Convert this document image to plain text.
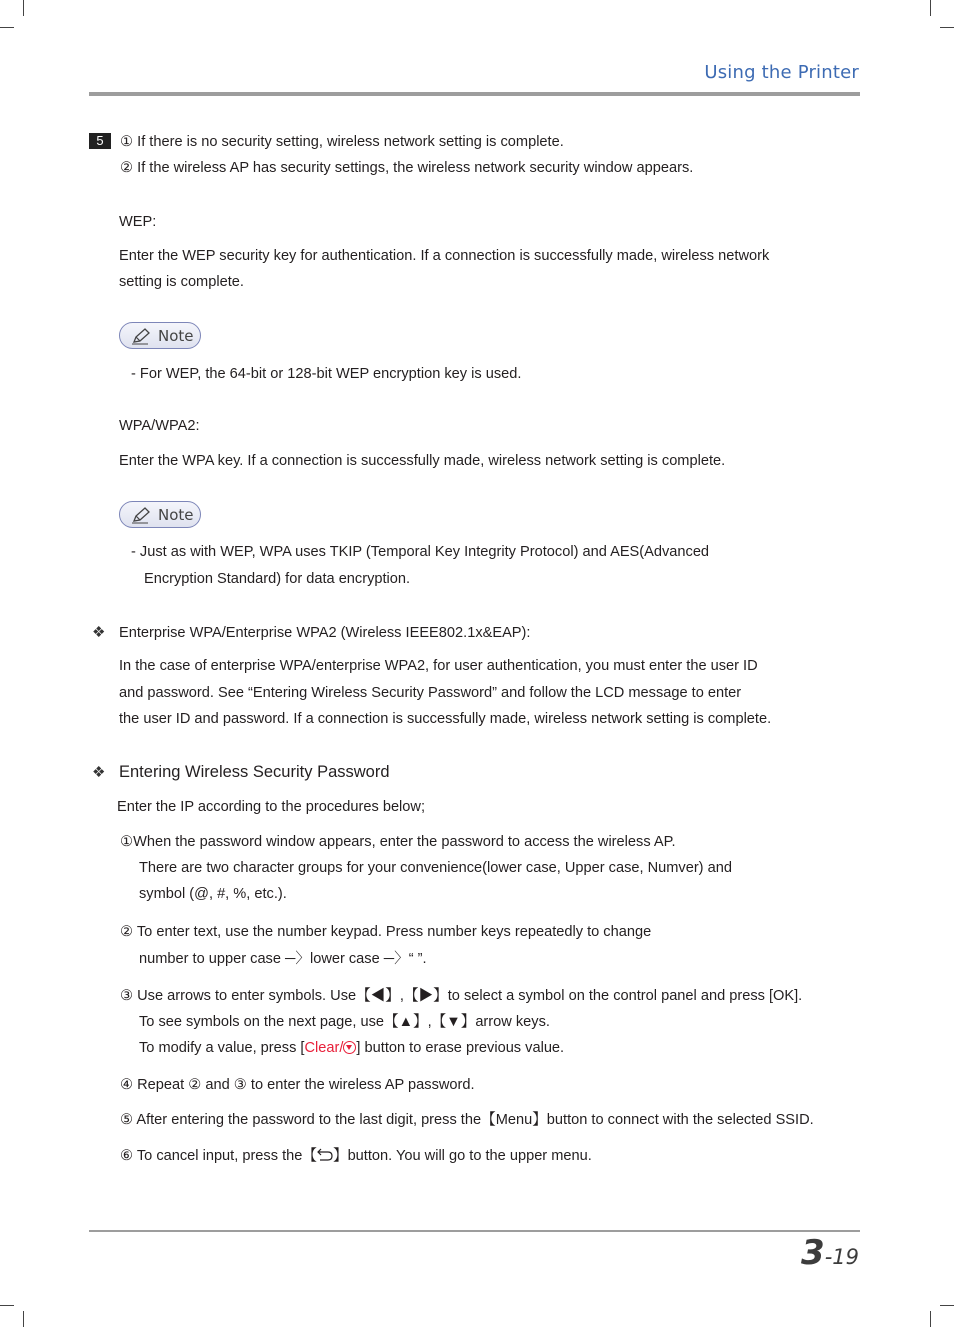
Using the Printer
5	① If there is no security setting, wireless network setting is complete.
② If the wireless AP has security settings, the wireless network security window appears.
WEP:
Enter the WEP security key for authentication. If a connection is successfully made, wireless network
setting is complete.
Note
- For WEP, the 64-bit or 128-bit WEP encryption key is used.
WPA/WPA2:
Enter the WPA key. If a connection is successfully made, wireless network setting is complete.
Note
- Just as with WEP, WPA uses TKIP (Temporal Key Integrity Protocol) and AES(Advanced
Encryption Standard) for data encryption.
❖ Enterprise WPA/Enterprise WPA2 (Wireless IEEE802.1x&EAP):
In the case of enterprise WPA/enterprise WPA2, for user authentication, you must enter the user ID
and password. See “Entering Wireless Security Password” and follow the LCD message to enter
the user ID and password. If a connection is successfully made, wireless network setting is complete.
❖ Entering Wireless Security Password
Enter the IP according to the procedures below;
①When the password window appears, enter the password to access the wireless AP.
There are two character groups for your convenience(lower case, Upper case, Numver) and
symbol (@, #, %, etc.).
② To enter text, use the number keypad. Press number keys repeatedly to change
number to upper case ─〉lower case ─〉“ ”.
③ Use arrows to enter symbols. Use【◀】,【▶】to select a symbol on the control panel and press [OK].
To see symbols on the next page, use【▲】,【▼】arrow keys.
To modify a value, press [Clear/ ] button to erase previous value.
④ Repeat ② and ③ to enter the wireless AP password.
⑤ After entering the password to the last digit, press the【Menu】button to connect with the selected SSID.
⑥ To cancel input, press the【 】button. You will go to the upper menu.
3-19
